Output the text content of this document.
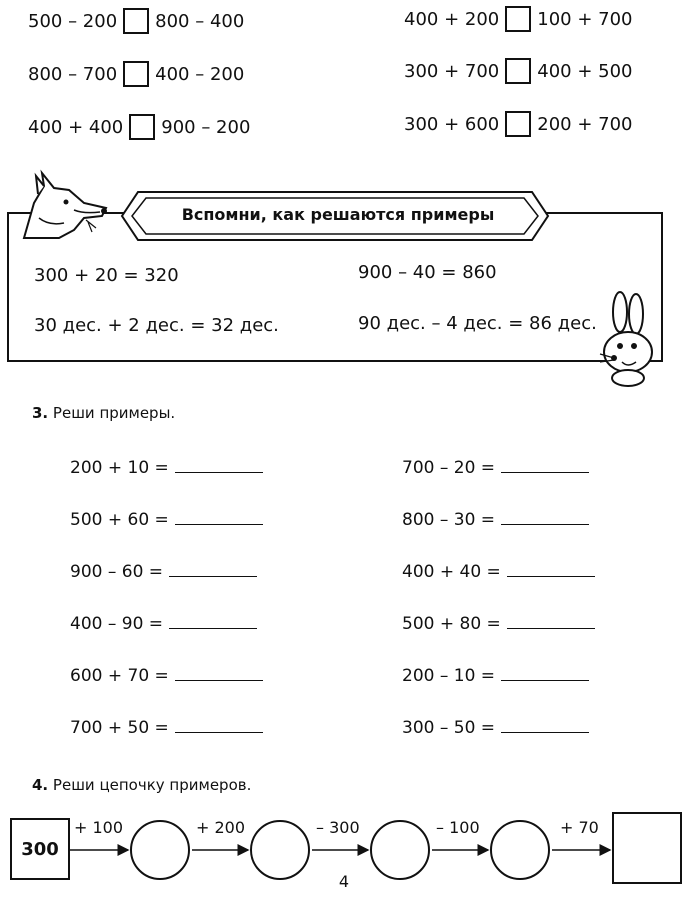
500 – 200 800 – 400
800 – 700 400 – 200
400 + 400 900 – 200
400 + 200 100 + 700
300 + 700 400 + 500
300 + 600 200 + 700
Вспомни, как решаются примеры
300 + 20 = 320	900 – 40 = 860
30 дес. + 2 дес. = 32 дес.	90 дес. – 4 дес. = 86 дес.
3. Реши примеры.
200 + 10 =
500 + 60 =
900 – 60 =
400 – 90 =
600 + 70 =
700 + 50 =
700 – 20 =
800 – 30 =
400 + 40 =
500 + 80 =
200 – 10 =
300 – 50 =
4. Реши цепочку примеров.
300
+ 100	+ 200	– 300	– 100	+ 70
4
